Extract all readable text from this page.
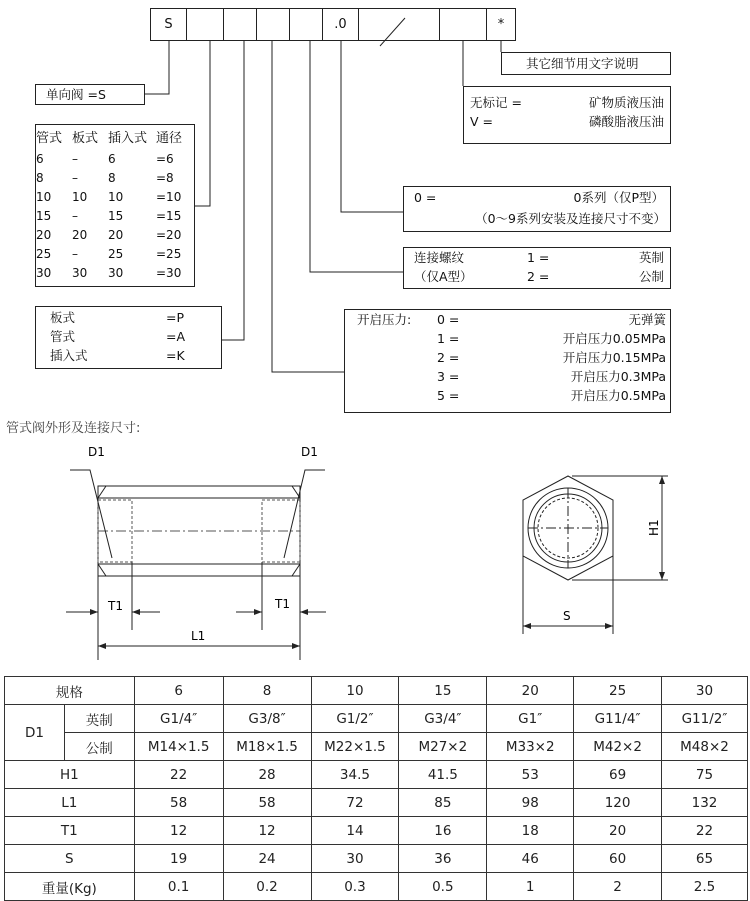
S	.0	*
其它细节用文字说明
无标记 =	矿物质液压油
V =	磷酸脂液压油
单向阀 =S
管式 板式 插入式 通径
6 –	6	=6
8 –	8	=8
10 10 10	=10
15 –	15	=15
20 20 20	=20
25 –	25	=25
30 30 30	=30
板式	=P
管式	=A
插入式	=K
0 =	0系列（仅P型）
（0～9系列安装及连接尺寸不变）
连接螺纹
（仅A型）
1 =	英制
2 =	公制
开启压力: 0 =	无弹簧
1 =	开启压力0.05MPa
2 =	开启压力0.15MPa
3 =	开启压力0.3MPa
5 =	开启压力0.5MPa
管式阀外形及连接尺寸:
D1	D1
T1	T1
L1
H1
S
规格		6	8	10	15	20	25	30
D1	英制	G1/4″	G3/8″	G1/2″	G3/4″	G1″	G11/4″	G11/2″
	公制	M14×1.5	M18×1.5	M22×1.5	M27×2	M33×2	M42×2	M48×2
H1		22	28	34.5	41.5	53	69	75
L1		58	58	72	85	98	120	132
T1		12	12	14	16	18	20	22
S		19	24	30	36	46	60	65
重量(Kg)		0.1	0.2	0.3	0.5	1	2	2.5
